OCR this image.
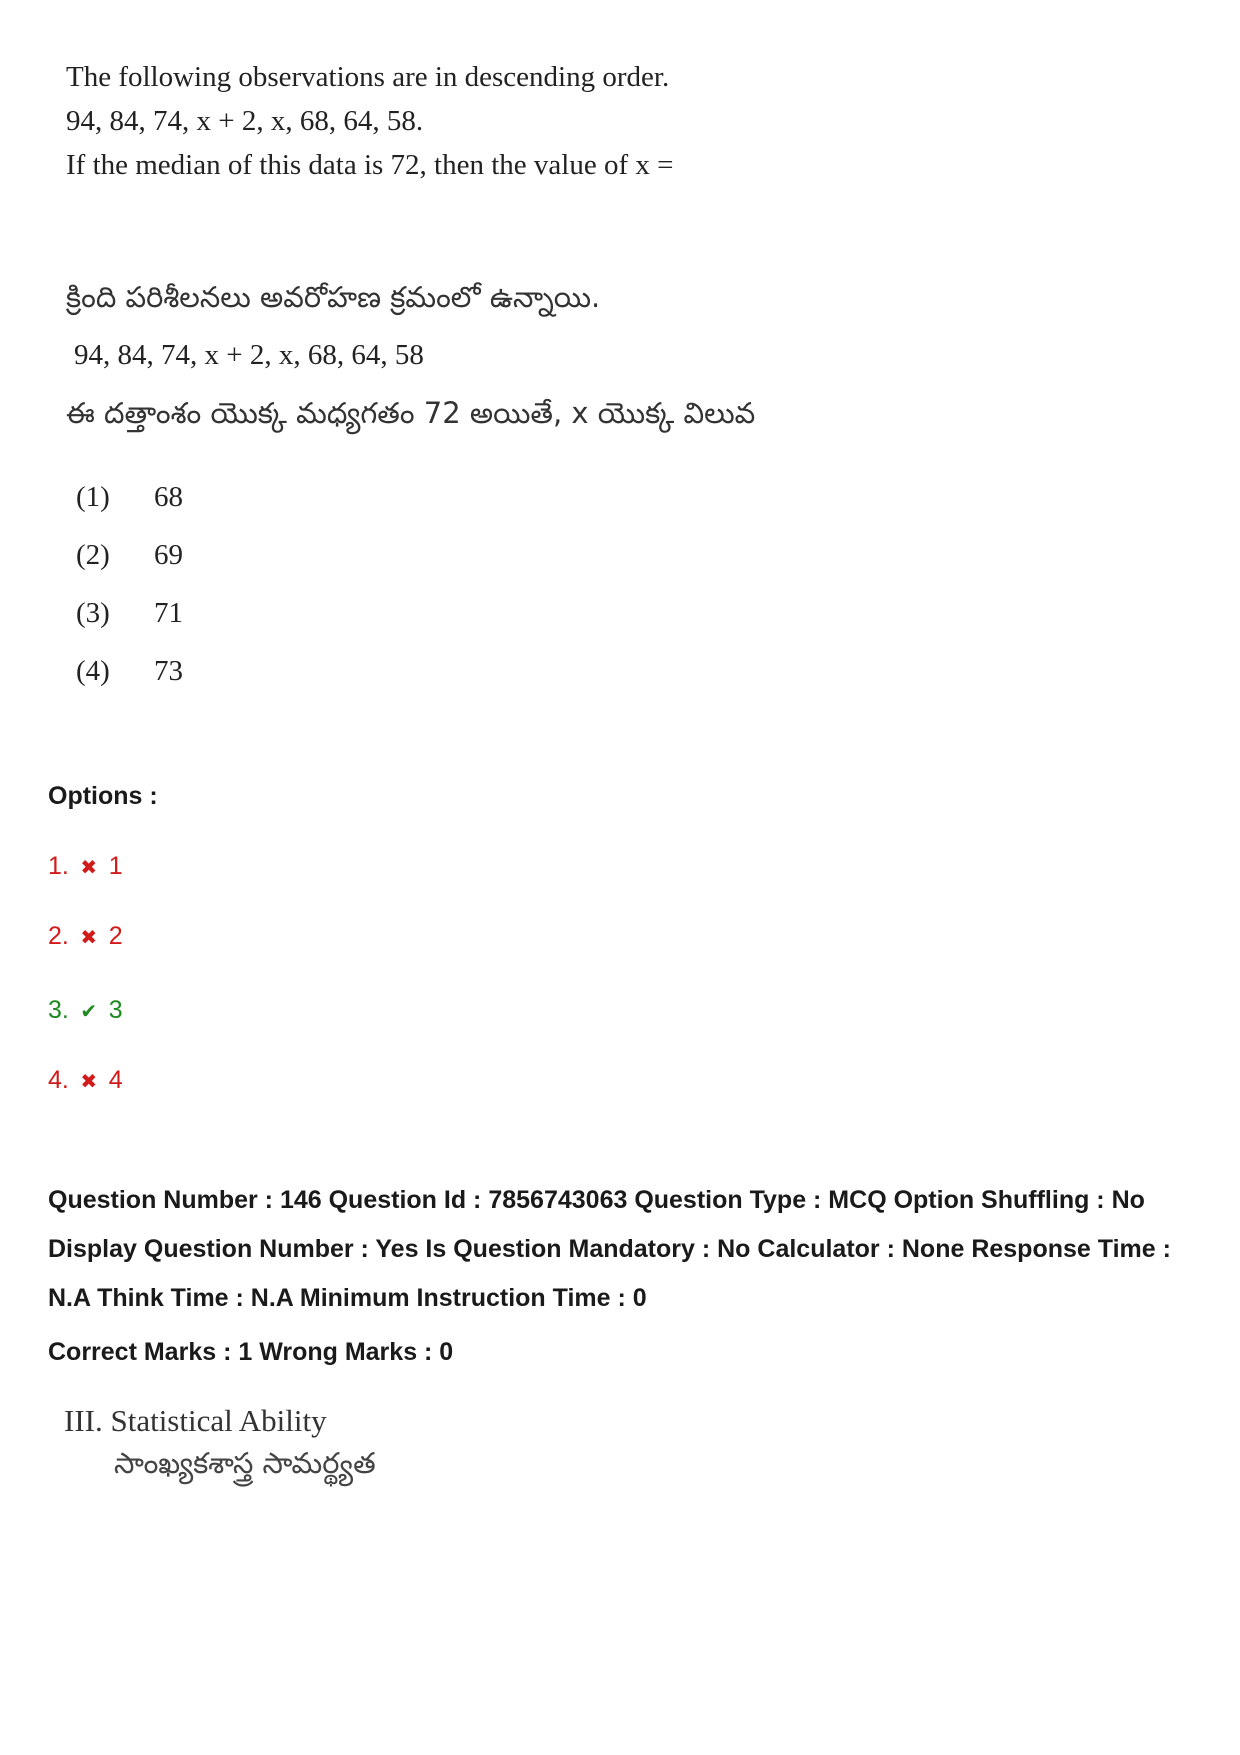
The following observations are in descending order.
94, 84, 74, x + 2, x, 68, 64, 58.
If the median of this data is 72, then the value of x =
క్రింది పరిశీలనలు అవరోహణ క్రమంలో ఉన్నాయి.
94, 84, 74, x + 2, x, 68, 64, 58
ఈ దత్తాంశం యొక్క మధ్యగతం 72 అయితే, x యొక్క విలువ
(1) 68
(2) 69
(3) 71
(4) 73
Options :
1. ✖ 1
2. ✖ 2
3. ✔ 3
4. ✖ 4
Question Number : 146 Question Id : 7856743063 Question Type : MCQ Option Shuffling : No Display Question Number : Yes Is Question Mandatory : No Calculator : None Response Time : N.A Think Time : N.A Minimum Instruction Time : 0
Correct Marks : 1 Wrong Marks : 0
III. Statistical Ability
సాంఖ్యకశాస్త్ర సామర్థ్యత
